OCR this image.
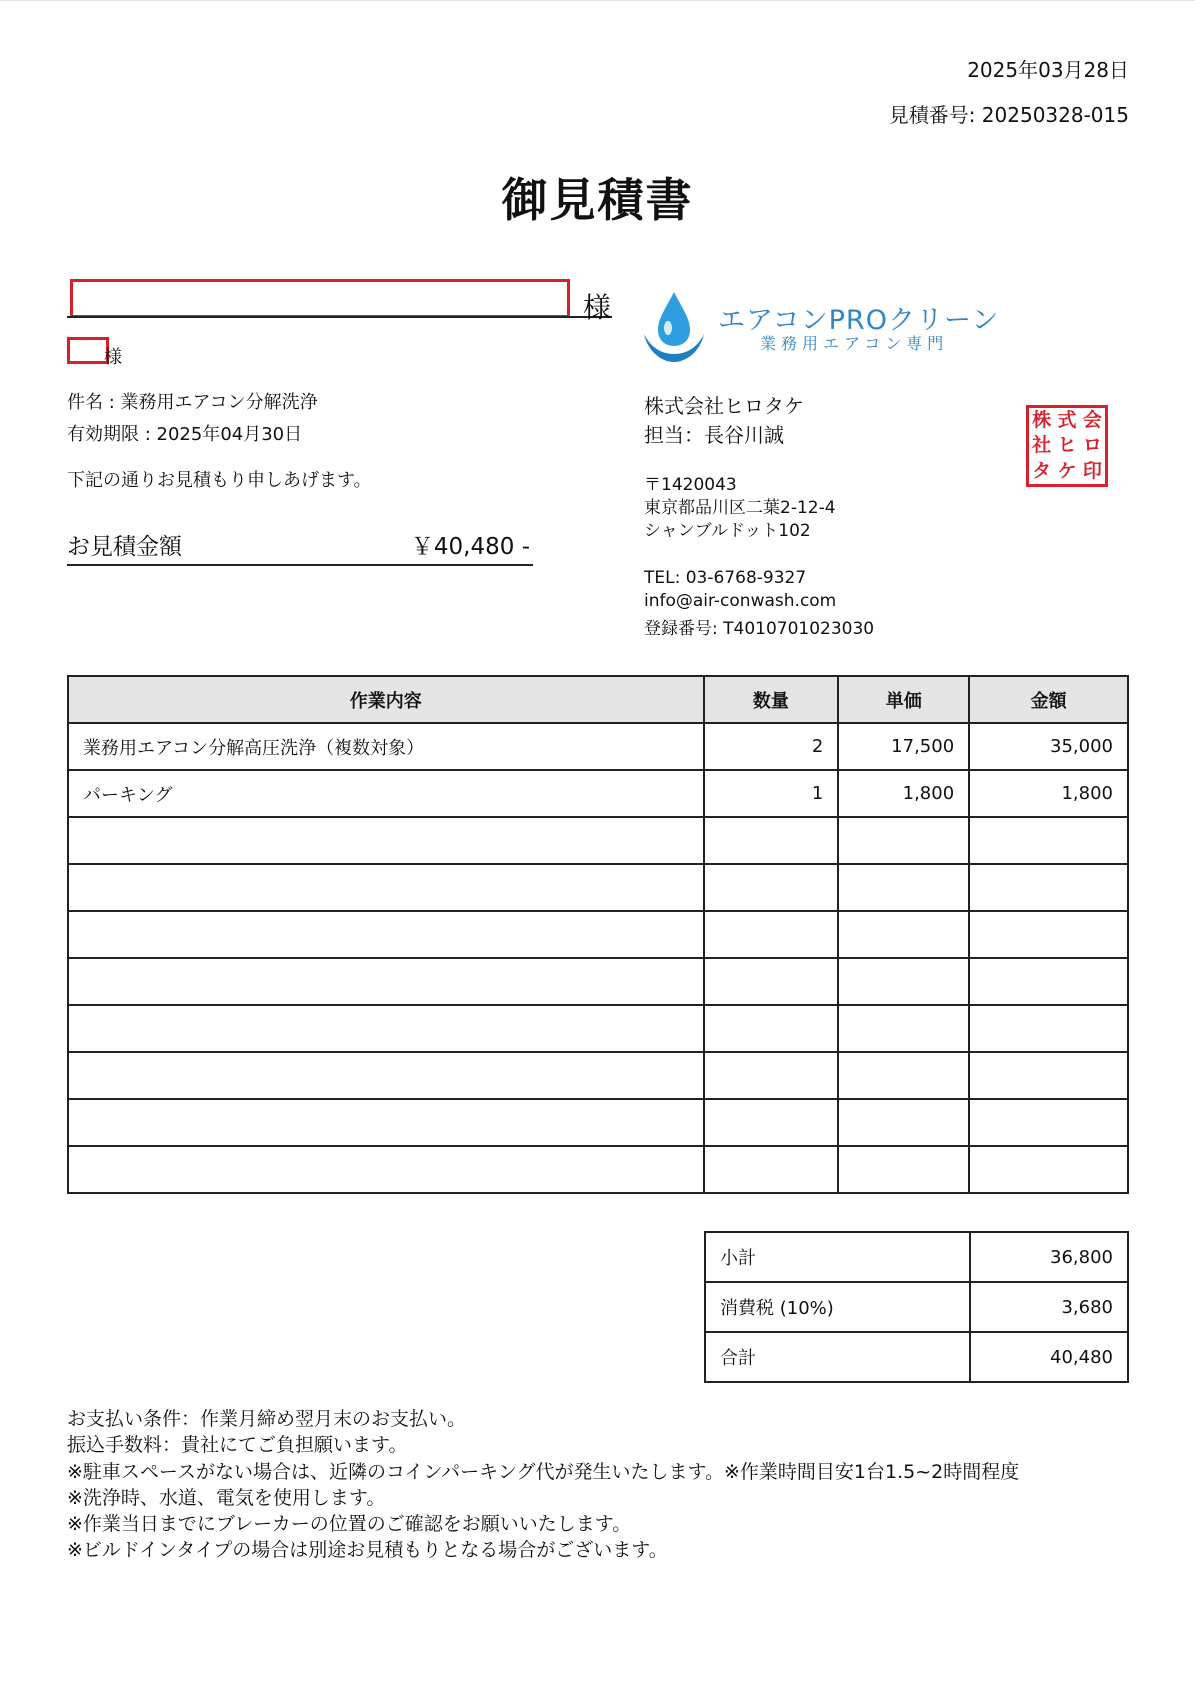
2025年03月28日
見積番号: 20250328-015
御見積書
様
様
件名 : 業務用エアコン分解洗浄
有効期限 : 2025年04月30日
下記の通りお見積もり申しあげます。
お見積金額	￥40,480 -
エアコンPROクリーン
業務用エアコン専門
株式会社ヒロタケ
担当：長谷川誠
株 式 会
社 ヒ ロ
タ ケ 印
〒1420043
東京都品川区二葉2-12-4
シャンブルドット102
TEL: 03-6768-9327
info@air-conwash.com
登録番号: T4010701023030
作業内容	数量	単価	金額
業務用エアコン分解高圧洗浄（複数対象）	2	17,500	35,000
パーキング	1	1,800	1,800

小計	36,800
消費税 (10%)	3,680
合計	40,480
お支払い条件：作業月締め翌月末のお支払い。
振込手数料：貴社にてご負担願います。
※駐車スペースがない場合は、近隣のコインパーキング代が発生いたします。※作業時間目安1台1.5~2時間程度
※洗浄時、水道、電気を使用します。
※作業当日までにブレーカーの位置のご確認をお願いいたします。
※ビルドインタイプの場合は別途お見積もりとなる場合がございます。
